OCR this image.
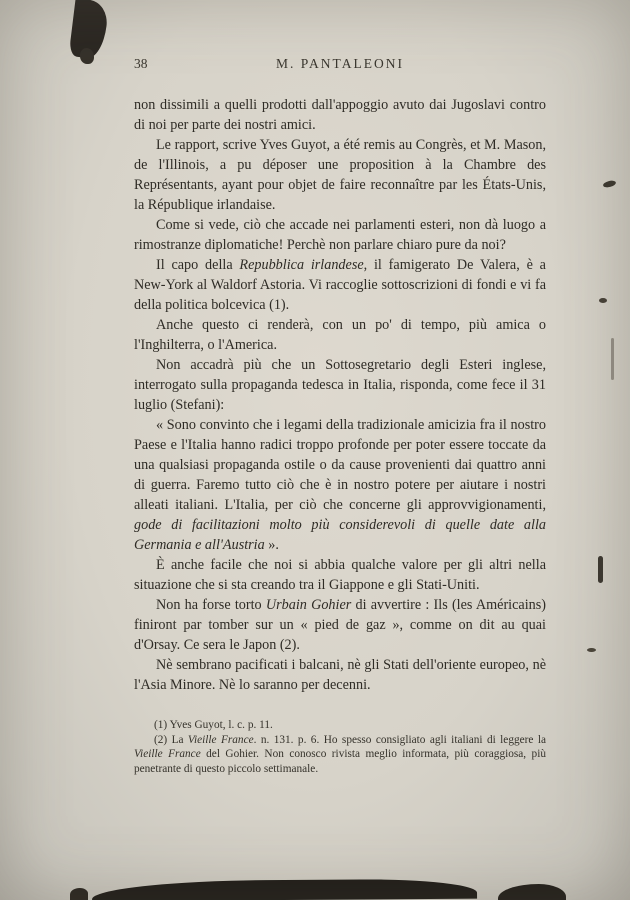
38	M. PANTALEONI

non dissimili a quelli prodotti dall'appoggio avuto dai Jugoslavi contro di noi per parte dei nostri amici.

Le rapport, scrive Yves Guyot, a été remis au Congrès, et M. Mason, de l'Illinois, a pu déposer une proposition à la Chambre des Représentants, ayant pour objet de faire reconnaître par les États-Unis, la République irlandaise.

Come si vede, ciò che accade nei parlamenti esteri, non dà luogo a rimostranze diplomatiche! Perchè non parlare chiaro pure da noi?

Il capo della Repubblica irlandese, il famigerato De Valera, è a New-York al Waldorf Astoria. Vi raccoglie sottoscrizioni di fondi e vi fa della politica bolcevica (1).

Anche questo ci renderà, con un po' di tempo, più amica o l'Inghilterra, o l'America.

Non accadrà più che un Sottosegretario degli Esteri inglese, interrogato sulla propaganda tedesca in Italia, risponda, come fece il 31 luglio (Stefani):

« Sono convinto che i legami della tradizionale amicizia fra il nostro Paese e l'Italia hanno radici troppo profonde per poter essere toccate da una qualsiasi propaganda ostile o da cause provenienti dai quattro anni di guerra. Faremo tutto ciò che è in nostro potere per aiutare i nostri alleati italiani. L'Italia, per ciò che concerne gli approvvigionamenti, gode di facilitazioni molto più considerevoli di quelle date alla Germania e all'Austria ».

È anche facile che noi si abbia qualche valore per gli altri nella situazione che si sta creando tra il Giappone e gli Stati-Uniti.

Non ha forse torto Urbain Gohier di avvertire : Ils (les Américains) finiront par tomber sur un « pied de gaz », comme on dit au quai d'Orsay. Ce sera le Japon (2).

Nè sembrano pacificati i balcani, nè gli Stati dell'oriente europeo, nè l'Asia Minore. Nè lo saranno per decenni.

(1) Yves Guyot, l. c. p. 11.

(2) La Vieille France. n. 131. p. 6. Ho spesso consigliato agli italiani di leggere la Vieille France del Gohier. Non conosco rivista meglio informata, più coraggiosa, più penetrante di questo piccolo settimanale.
